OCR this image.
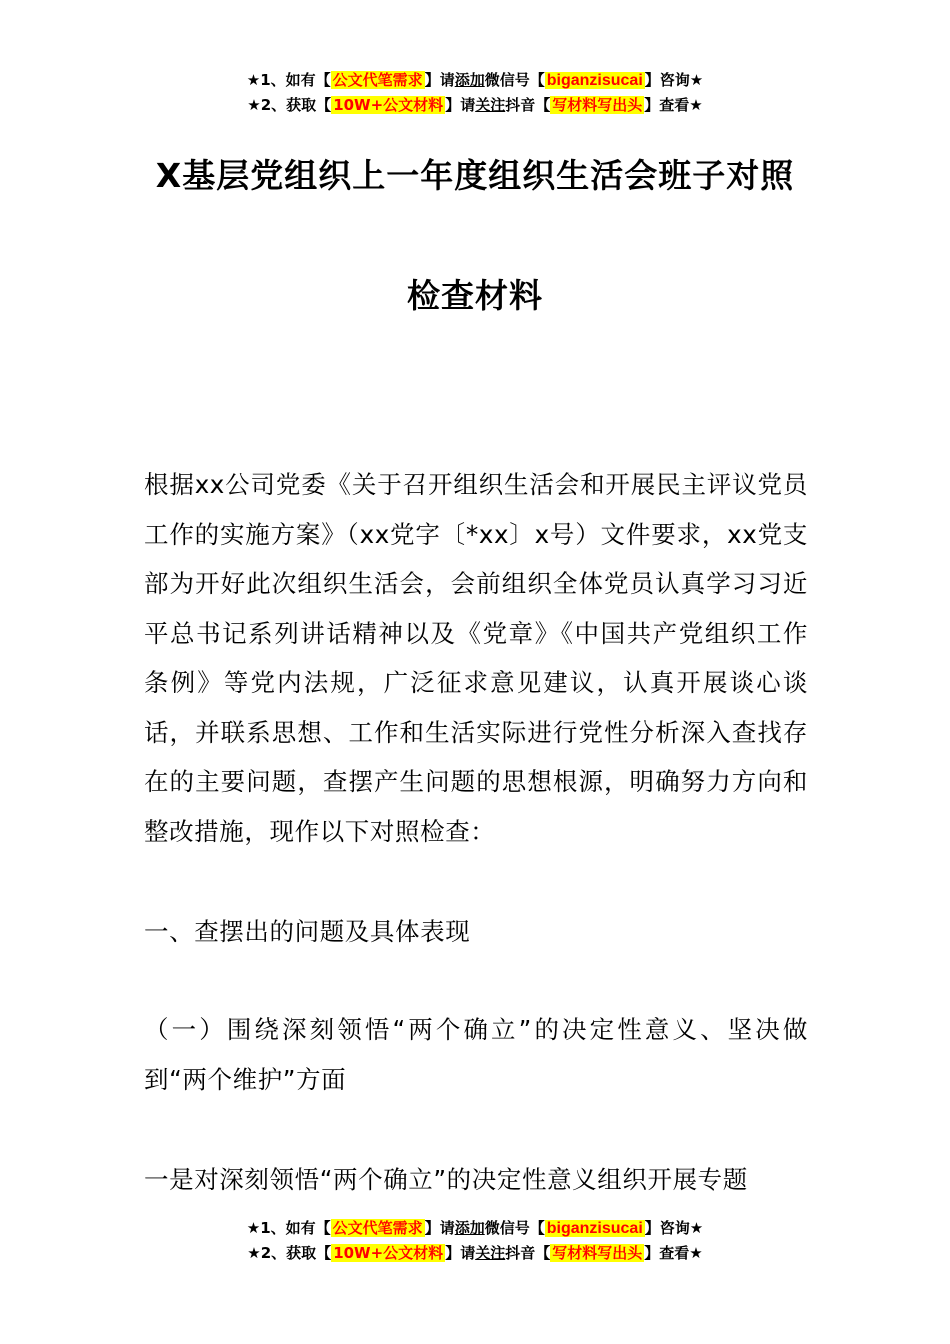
★1、如有【 公文代笔需求 】请添加微信号【 biganzisucai 】咨询★
★2、获取【 10W+公文材料 】请关注抖音【 写材料写出头 】查看★
X基层党组织上一年度组织生活会班子对照
检查材料
根据xx公司党委《关于召开组织生活会和开展民主评议党员工作的实施方案》（xx党字〔*xx〕x号）文件要求，xx党支部为开好此次组织生活会，会前组织全体党员认真学习习近平总书记系列讲话精神以及《党章》《中国共产党组织工作条例》等党内法规，广泛征求意见建议，认真开展谈心谈话，并联系思想、工作和生活实际进行党性分析深入查找存在的主要问题，查摆产生问题的思想根源，明确努力方向和整改措施，现作以下对照检查：
一、查摆出的问题及具体表现
（一）围绕深刻领悟“两个确立”的决定性意义、坚决做到“两个维护”方面
一是对深刻领悟“两个确立”的决定性意义组织开展专题
★1、如有【 公文代笔需求 】请添加微信号【 biganzisucai 】咨询★
★2、获取【 10W+公文材料 】请关注抖音【 写材料写出头 】查看★
